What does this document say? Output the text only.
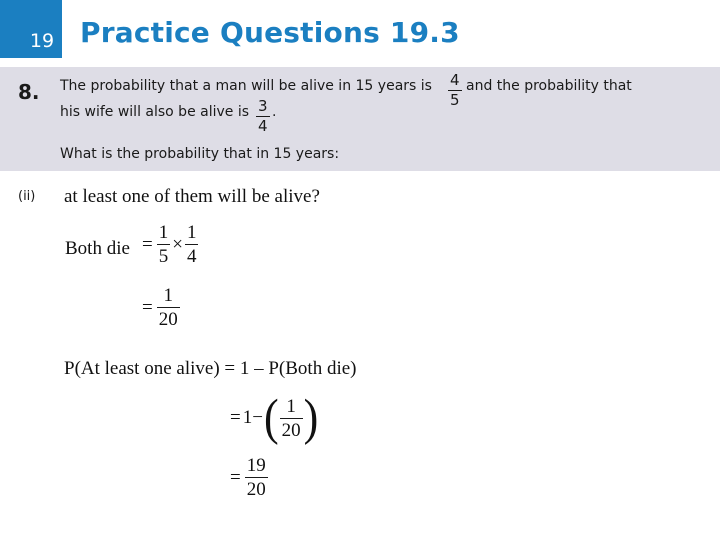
19 Practice Questions 19.3
8. The probability that a man will be alive in 15 years is $\frac{4}{5}$ and the probability that
his wife will also be alive is $\frac{3}{4}$ .
What is the probability that in 15 years:
(ii) at least one of them will be alive?
Both die = $\frac{1}{5} \times \frac{1}{4}$
= $\frac{1}{20}$
P(At least one alive) = 1 – P(Both die)
= 1− ( $\frac{1}{20}$ )
= $\frac{19}{20}$
